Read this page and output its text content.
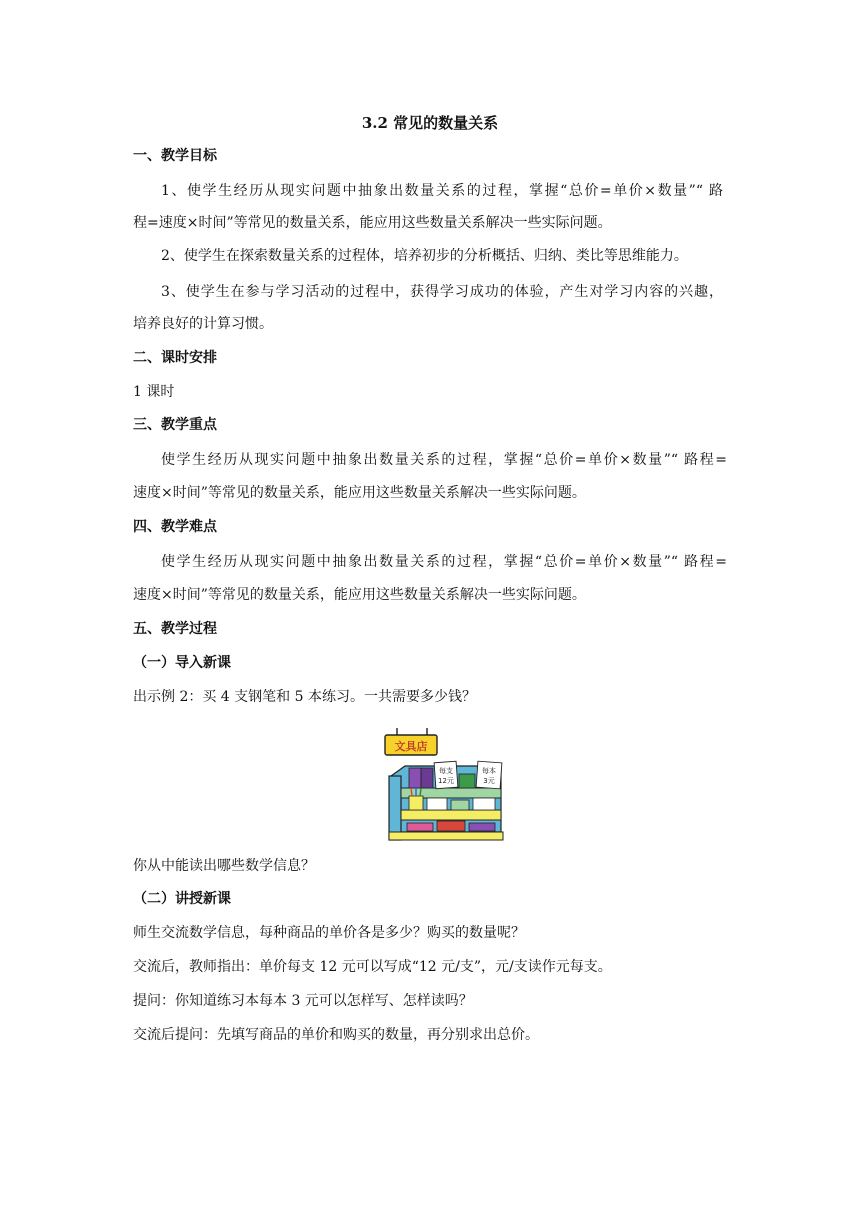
3.2 常见的数量关系
一、教学目标
1、使学生经历从现实问题中抽象出数量关系的过程，掌握“总价=单价×数量”“ 路
程=速度×时间”等常见的数量关系，能应用这些数量关系解决一些实际问题。
2、使学生在探索数量关系的过程体，培养初步的分析概括、归纳、类比等思维能力。
3、使学生在参与学习活动的过程中，获得学习成功的体验，产生对学习内容的兴趣，
培养良好的计算习惯。
二、课时安排
1 课时
三、教学重点
使学生经历从现实问题中抽象出数量关系的过程，掌握“总价=单价×数量”“ 路程=
速度×时间”等常见的数量关系，能应用这些数量关系解决一些实际问题。
四、教学难点
使学生经历从现实问题中抽象出数量关系的过程，掌握“总价=单价×数量”“ 路程=
速度×时间”等常见的数量关系，能应用这些数量关系解决一些实际问题。
五、教学过程
（一）导入新课
出示例 2：买 4 支钢笔和 5 本练习。一共需要多少钱？
文具店
每支
12元
每本
3元
你从中能读出哪些数学信息？
（二）讲授新课
师生交流数学信息，每种商品的单价各是多少？购买的数量呢？
交流后，教师指出：单价每支 12 元可以写成“12 元/支”，元/支读作元每支。
提问：你知道练习本每本 3 元可以怎样写、怎样读吗？
交流后提问：先填写商品的单价和购买的数量，再分别求出总价。
